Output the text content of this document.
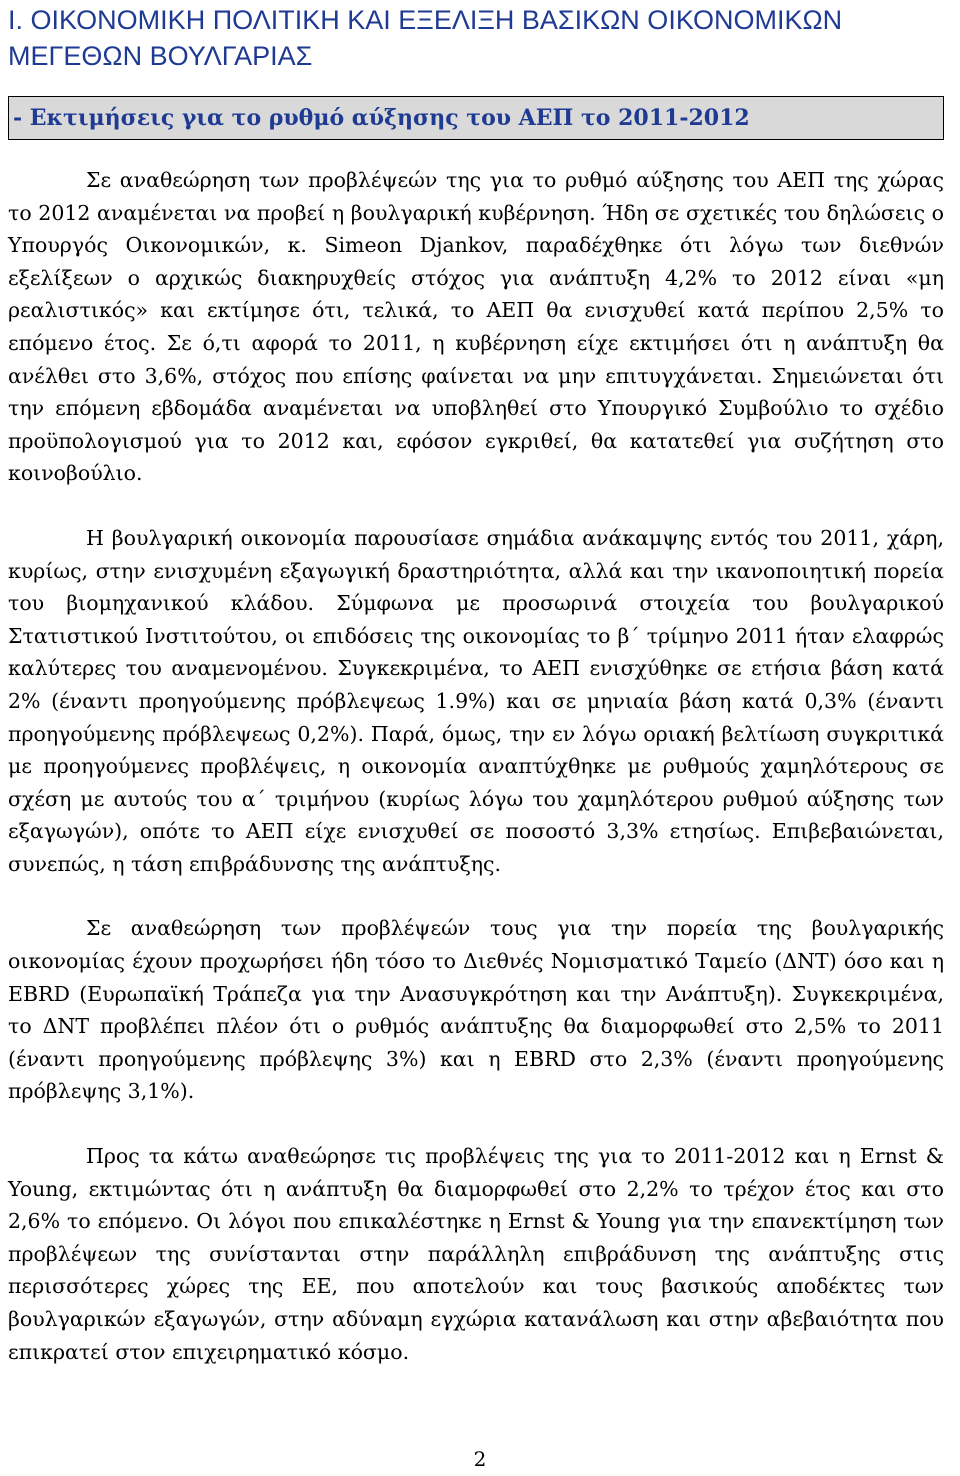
I. ΟΙΚΟΝΟΜΙΚΗ ΠΟΛΙΤΙΚΗ ΚΑΙ ΕΞΕΛΙΞΗ ΒΑΣΙΚΩΝ ΟΙΚΟΝΟΜΙΚΩΝ ΜΕΓΕΘΩΝ ΒΟΥΛΓΑΡΙΑΣ
- Εκτιμήσεις για το ρυθμό αύξησης του ΑΕΠ το 2011-2012

Σε αναθεώρηση των προβλέψεών της για το ρυθμό αύξησης του ΑΕΠ της χώρας το 2012 αναμένεται να προβεί η βουλγαρική κυβέρνηση. Ήδη σε σχετικές του δηλώσεις ο Υπουργός Οικονομικών, κ. Simeon Djankov, παραδέχθηκε ότι λόγω των διεθνών εξελίξεων ο αρχικώς διακηρυχθείς στόχος για ανάπτυξη 4,2% το 2012 είναι «μη ρεαλιστικός» και εκτίμησε ότι, τελικά, το ΑΕΠ θα ενισχυθεί κατά περίπου 2,5% το επόμενο έτος. Σε ό,τι αφορά το 2011, η κυβέρνηση είχε εκτιμήσει ότι η ανάπτυξη θα ανέλθει στο 3,6%, στόχος που επίσης φαίνεται να μην επιτυγχάνεται. Σημειώνεται ότι την επόμενη εβδομάδα αναμένεται να υποβληθεί στο Υπουργικό Συμβούλιο το σχέδιο προϋπολογισμού για το 2012 και, εφόσον εγκριθεί, θα κατατεθεί για συζήτηση στο κοινοβούλιο.

Η βουλγαρική οικονομία παρουσίασε σημάδια ανάκαμψης εντός του 2011, χάρη, κυρίως, στην ενισχυμένη εξαγωγική δραστηριότητα, αλλά και την ικανοποιητική πορεία του βιομηχανικού κλάδου. Σύμφωνα με προσωρινά στοιχεία του βουλγαρικού Στατιστικού Ινστιτούτου, οι επιδόσεις της οικονομίας το β΄ τρίμηνο 2011 ήταν ελαφρώς καλύτερες του αναμενομένου. Συγκεκριμένα, το ΑΕΠ ενισχύθηκε σε ετήσια βάση κατά 2% (έναντι προηγούμενης πρόβλεψεως 1.9%) και σε μηνιαία βάση κατά 0,3% (έναντι προηγούμενης πρόβλεψεως 0,2%). Παρά, όμως, την εν λόγω οριακή βελτίωση συγκριτικά με προηγούμενες προβλέψεις, η οικονομία αναπτύχθηκε με ρυθμούς χαμηλότερους σε σχέση με αυτούς του α΄ τριμήνου (κυρίως λόγω του χαμηλότερου ρυθμού αύξησης των εξαγωγών), οπότε το ΑΕΠ είχε ενισχυθεί σε ποσοστό 3,3% ετησίως. Επιβεβαιώνεται, συνεπώς, η τάση επιβράδυνσης της ανάπτυξης.

Σε αναθεώρηση των προβλέψεών τους για την πορεία της βουλγαρικής οικονομίας έχουν προχωρήσει ήδη τόσο το Διεθνές Νομισματικό Ταμείο (ΔΝΤ) όσο και η EBRD (Ευρωπαϊκή Τράπεζα για την Ανασυγκρότηση και την Ανάπτυξη). Συγκεκριμένα, το ΔΝΤ προβλέπει πλέον ότι ο ρυθμός ανάπτυξης θα διαμορφωθεί στο 2,5% το 2011 (έναντι προηγούμενης πρόβλεψης 3%) και η EBRD στο 2,3% (έναντι προηγούμενης πρόβλεψης 3,1%).

Προς τα κάτω αναθεώρησε τις προβλέψεις της για το 2011-2012 και η Ernst & Young, εκτιμώντας ότι η ανάπτυξη θα διαμορφωθεί στο 2,2% το τρέχον έτος και στο 2,6% το επόμενο. Οι λόγοι που επικαλέστηκε η Ernst & Young για την επανεκτίμηση των προβλέψεων της συνίστανται στην παράλληλη επιβράδυνση της ανάπτυξης στις περισσότερες χώρες της ΕΕ, που αποτελούν και τους βασικούς αποδέκτες των βουλγαρικών εξαγωγών, στην αδύναμη εγχώρια κατανάλωση και στην αβεβαιότητα που επικρατεί στον επιχειρηματικό κόσμο.

2
